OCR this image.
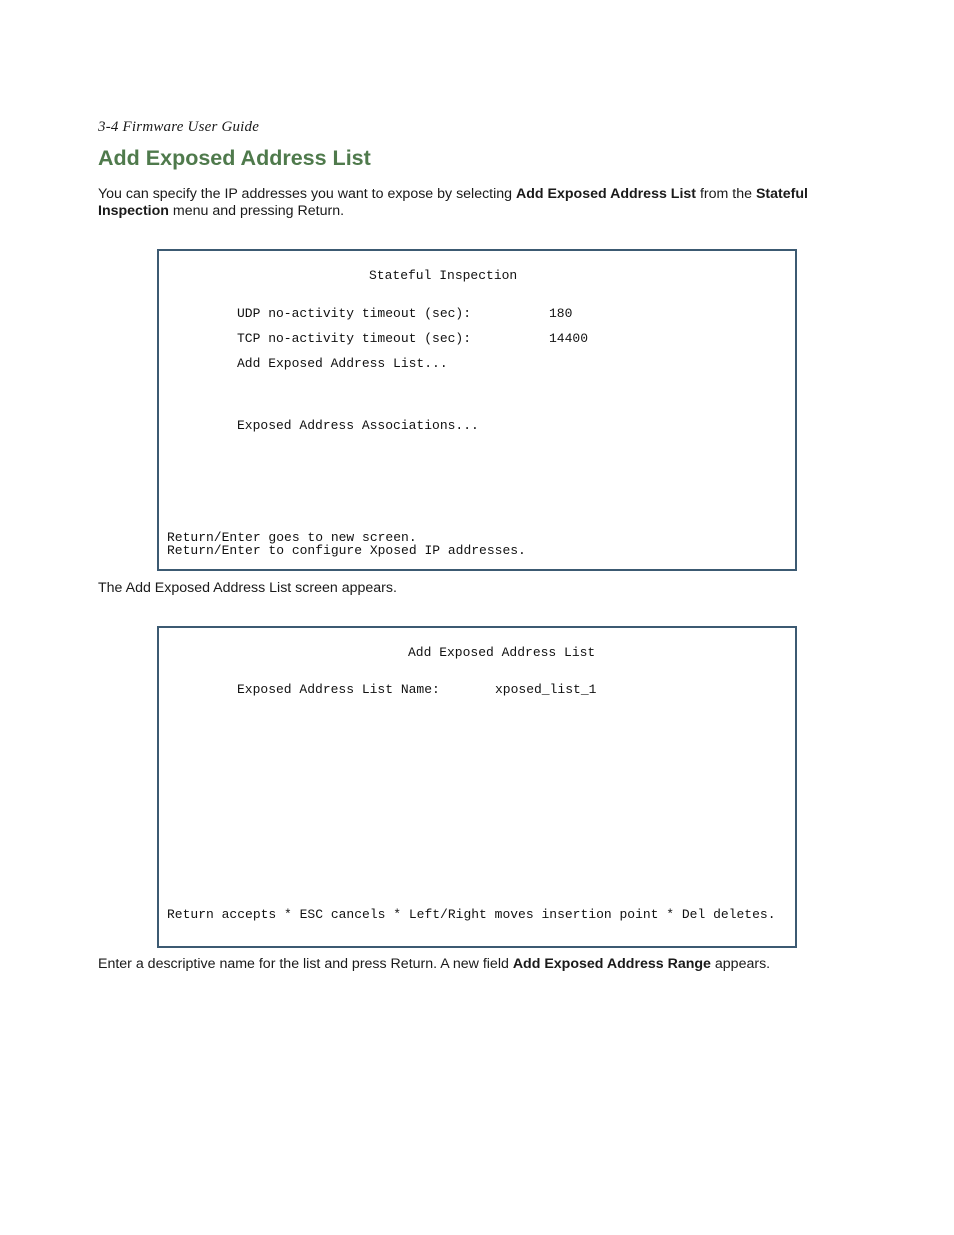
3-4 Firmware User Guide
Add Exposed Address List

You can specify the IP addresses you want to expose by selecting Add Exposed Address List from the Stateful Inspection menu and pressing Return.

Stateful Inspection
UDP no-activity timeout (sec):	180
TCP no-activity timeout (sec):	14400
Add Exposed Address List...
Exposed Address Associations...
Return/Enter goes to new screen.
Return/Enter to configure Xposed IP addresses.

The Add Exposed Address List screen appears.

Add Exposed Address List
Exposed Address List Name:	xposed_list_1
Return accepts * ESC cancels * Left/Right moves insertion point * Del deletes.

Enter a descriptive name for the list and press Return. A new field Add Exposed Address Range appears.
